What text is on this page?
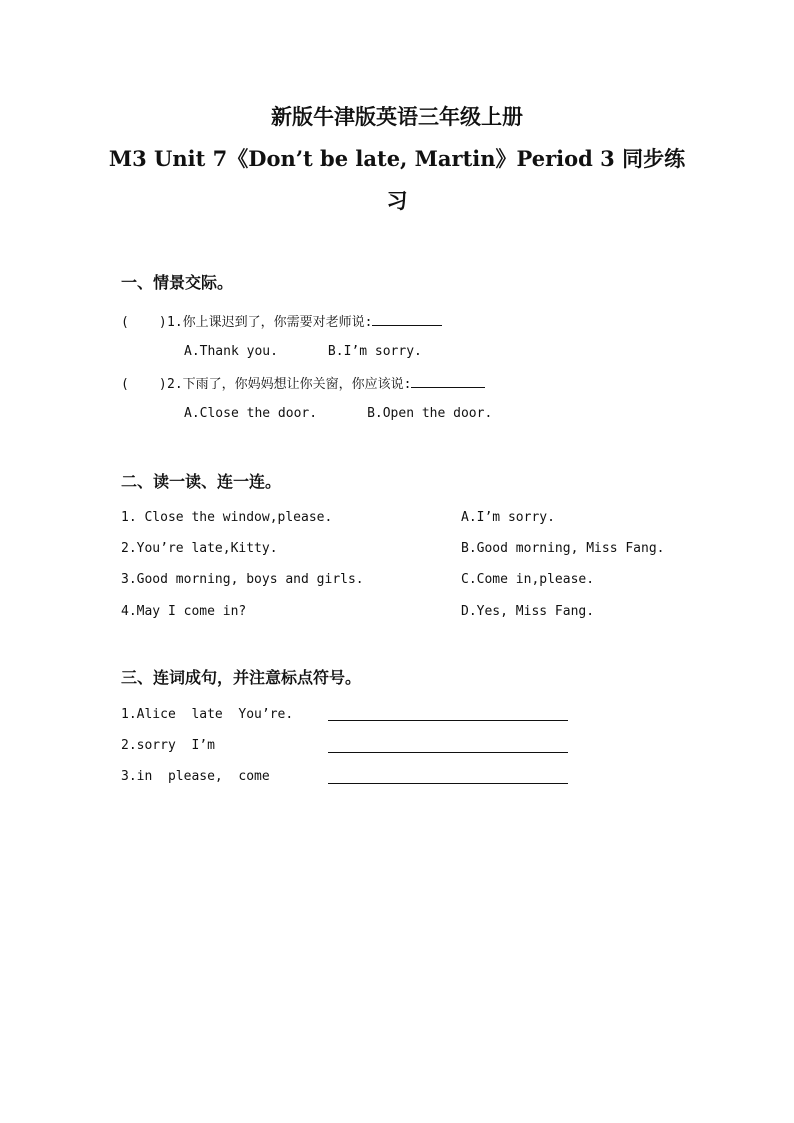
新版牛津版英语三年级上册
M3 Unit 7《Don’t be late, Martin》Period 3 同步练
习
一、情景交际。
( )1.你上课迟到了，你需要对老师说:
A.Thank you.	B.I’m sorry.
( )2.下雨了，你妈妈想让你关窗，你应该说:
A.Close the door.	B.Open the door.
二、读一读、连一连。
1. Close the window,please.	A.I’m sorry.
2.You’re late,Kitty.	B.Good morning, Miss Fang.
3.Good morning, boys and girls.	C.Come in,please.
4.May I come in?	D.Yes, Miss Fang.
三、连词成句，并注意标点符号。
1.Alice  late  You’re.
2.sorry  I’m
3.in  please,  come
